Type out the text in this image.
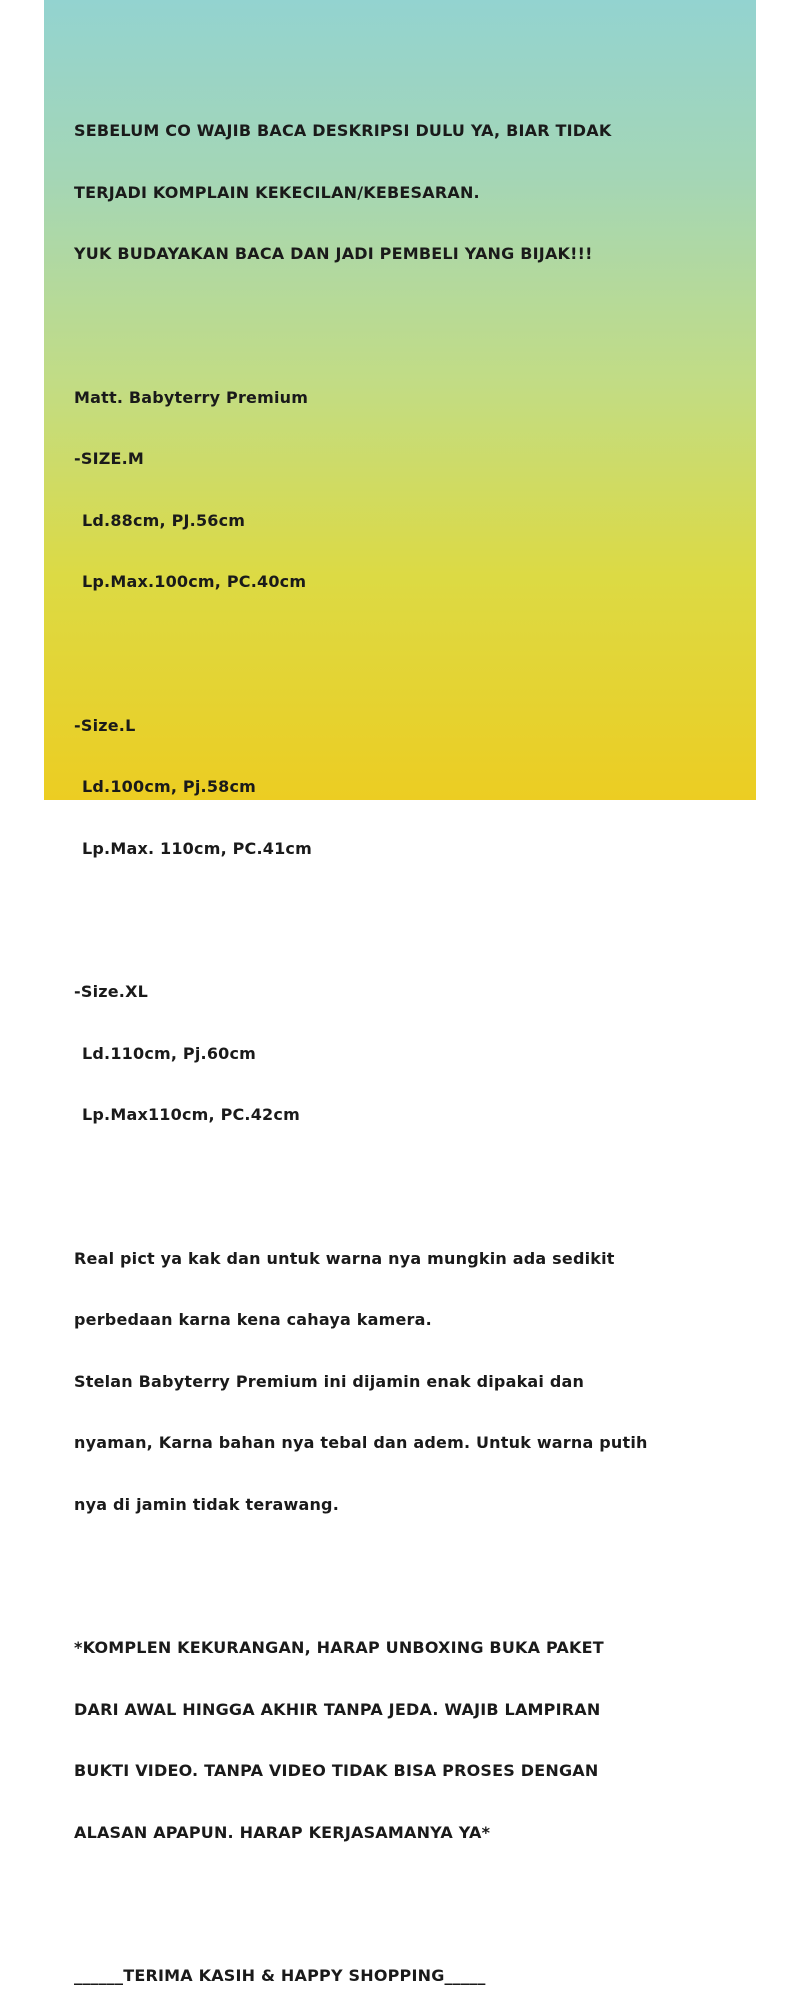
SEBELUM CO WAJIB BACA DESKRIPSI DULU YA, BIAR TIDAK

TERJADI KOMPLAIN KEKECILAN/KEBESARAN.

YUK BUDAYAKAN BACA DAN JADI PEMBELI YANG BIJAK!!!

Matt. Babyterry Premium

-SIZE.M

Ld.88cm, PJ.56cm

Lp.Max.100cm, PC.40cm

-Size.L

Ld.100cm, Pj.58cm

Lp.Max. 110cm, PC.41cm

-Size.XL

Ld.110cm, Pj.60cm

Lp.Max110cm, PC.42cm

Real pict ya kak dan untuk warna nya mungkin ada sedikit

perbedaan karna kena cahaya kamera.

Stelan Babyterry Premium ini dijamin enak dipakai dan

nyaman, Karna bahan nya tebal dan adem. Untuk warna putih

nya di jamin tidak terawang.

*KOMPLEN KEKURANGAN, HARAP UNBOXING BUKA PAKET

DARI AWAL HINGGA AKHIR TANPA JEDA. WAJIB LAMPIRAN

BUKTI VIDEO. TANPA VIDEO TIDAK BISA PROSES DENGAN

ALASAN APAPUN. HARAP KERJASAMANYA YA*

______TERIMA KASIH & HAPPY SHOPPING_____
